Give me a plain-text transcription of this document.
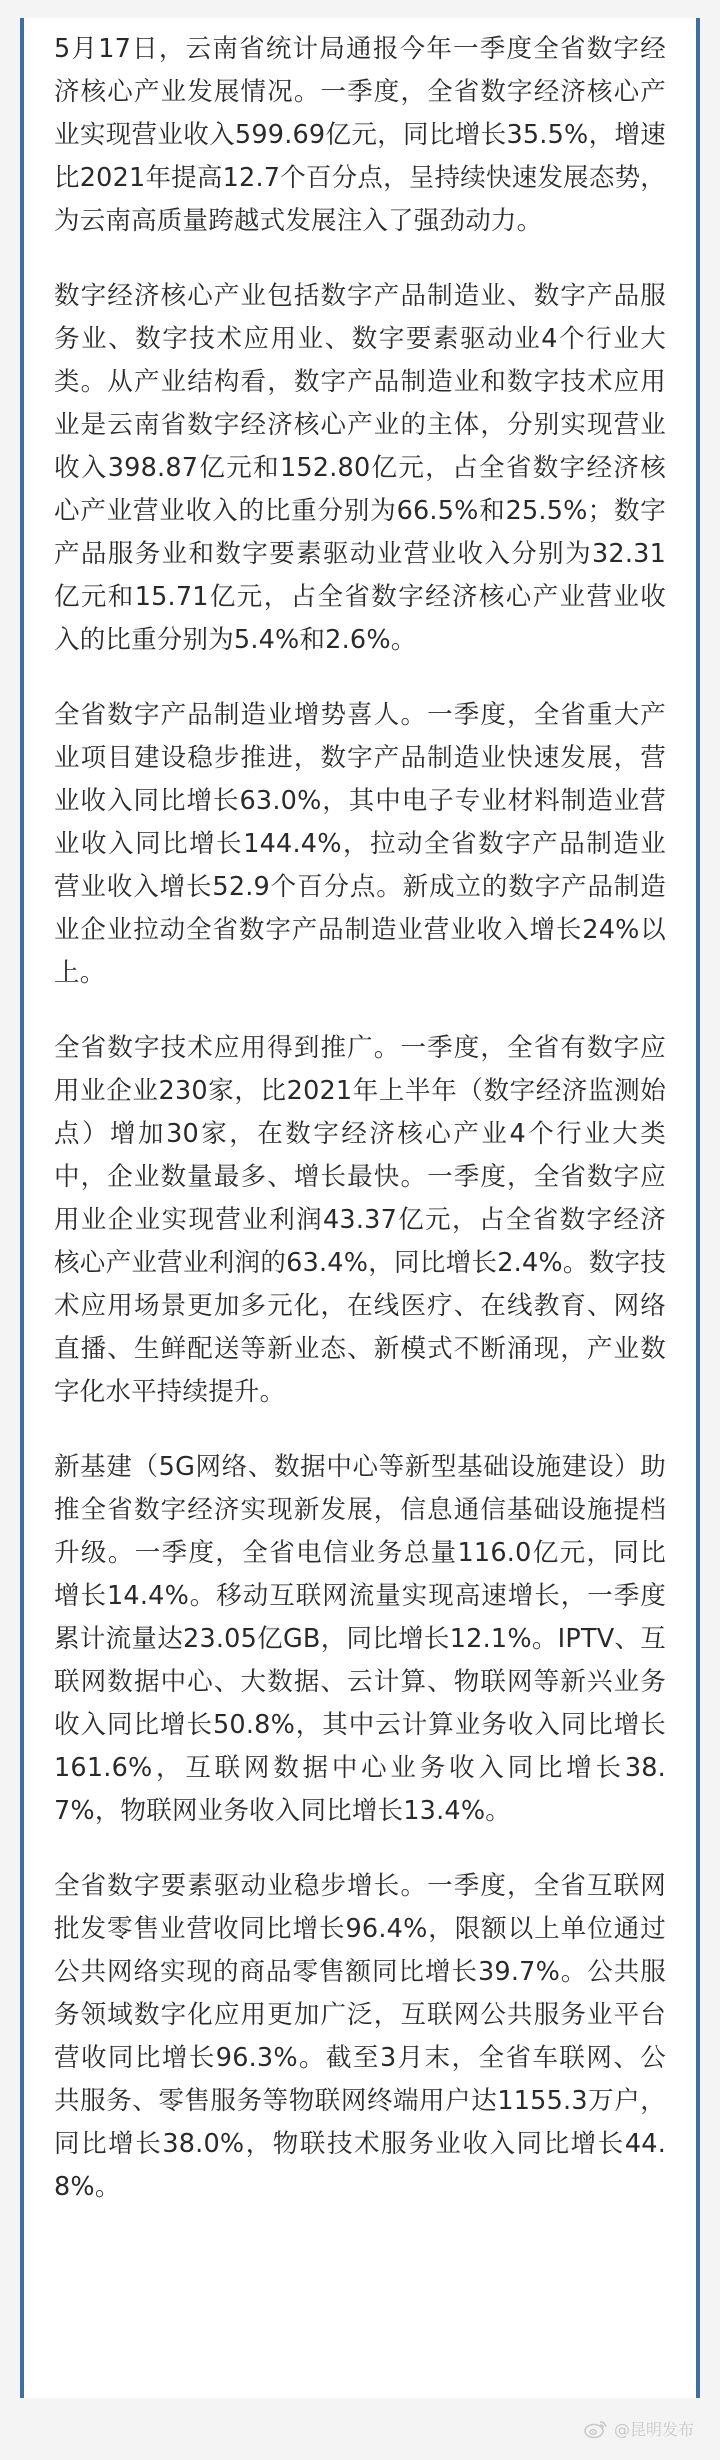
5月17日，云南省统计局通报今年一季度全省数字经济核心产业发展情况。一季度，全省数字经济核心产业实现营业收入599.69亿元，同比增长35.5%，增速比2021年提高12.7个百分点，呈持续快速发展态势，为云南高质量跨越式发展注入了强劲动力。

数字经济核心产业包括数字产品制造业、数字产品服务业、数字技术应用业、数字要素驱动业4个行业大类。从产业结构看，数字产品制造业和数字技术应用业是云南省数字经济核心产业的主体，分别实现营业收入398.87亿元和152.80亿元，占全省数字经济核心产业营业收入的比重分别为66.5%和25.5%；数字产品服务业和数字要素驱动业营业收入分别为32.31亿元和15.71亿元，占全省数字经济核心产业营业收入的比重分别为5.4%和2.6%。

全省数字产品制造业增势喜人。一季度，全省重大产业项目建设稳步推进，数字产品制造业快速发展，营业收入同比增长63.0%，其中电子专业材料制造业营业收入同比增长144.4%，拉动全省数字产品制造业营业收入增长52.9个百分点。新成立的数字产品制造业企业拉动全省数字产品制造业营业收入增长24%以上。

全省数字技术应用得到推广。一季度，全省有数字应用业企业230家，比2021年上半年（数字经济监测始点）增加30家，在数字经济核心产业4个行业大类中，企业数量最多、增长最快。一季度，全省数字应用业企业实现营业利润43.37亿元，占全省数字经济核心产业营业利润的63.4%，同比增长2.4%。数字技术应用场景更加多元化，在线医疗、在线教育、网络直播、生鲜配送等新业态、新模式不断涌现，产业数字化水平持续提升。

新基建（5G网络、数据中心等新型基础设施建设）助推全省数字经济实现新发展，信息通信基础设施提档升级。一季度，全省电信业务总量116.0亿元，同比增长14.4%。移动互联网流量实现高速增长，一季度累计流量达23.05亿GB，同比增长12.1%。IPTV、互联网数据中心、大数据、云计算、物联网等新兴业务收入同比增长50.8%，其中云计算业务收入同比增长161.6%，互联网数据中心业务收入同比增长38.7%，物联网业务收入同比增长13.4%。

全省数字要素驱动业稳步增长。一季度，全省互联网批发零售业营收同比增长96.4%，限额以上单位通过公共网络实现的商品零售额同比增长39.7%。公共服务领域数字化应用更加广泛，互联网公共服务业平台营收同比增长96.3%。截至3月末，全省车联网、公共服务、零售服务等物联网终端用户达1155.3万户，同比增长38.0%，物联技术服务业收入同比增长44.8%。

@昆明发布
